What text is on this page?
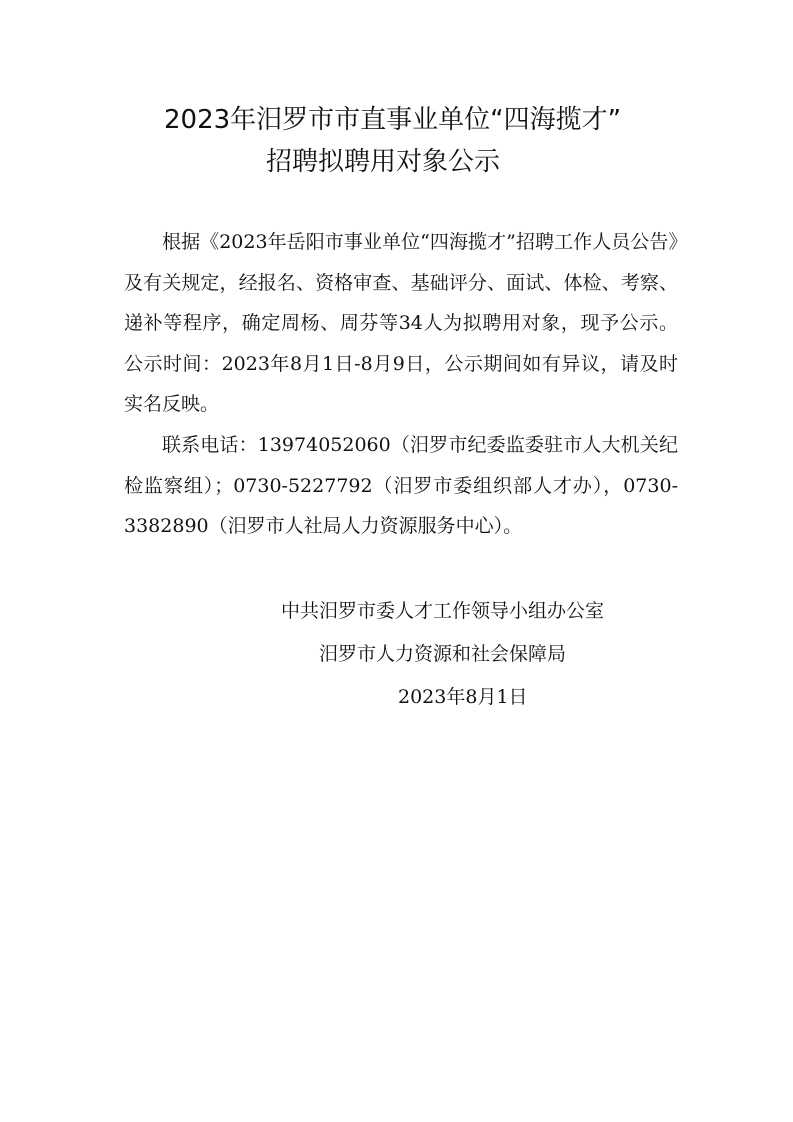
2023年汨罗市市直事业单位“四海揽才”
招聘拟聘用对象公示

根据《2023年岳阳市事业单位“四海揽才”招聘工作人员公告》及有关规定，经报名、资格审查、基础评分、面试、体检、考察、递补等程序，确定周杨、周芬等34人为拟聘用对象，现予公示。公示时间：2023年8月1日-8月9日，公示期间如有异议，请及时实名反映。

联系电话：13974052060（汨罗市纪委监委驻市人大机关纪检监察组）；0730-5227792（汨罗市委组织部人才办），0730-3382890（汨罗市人社局人力资源服务中心）。

中共汨罗市委人才工作领导小组办公室
汨罗市人力资源和社会保障局
2023年8月1日
